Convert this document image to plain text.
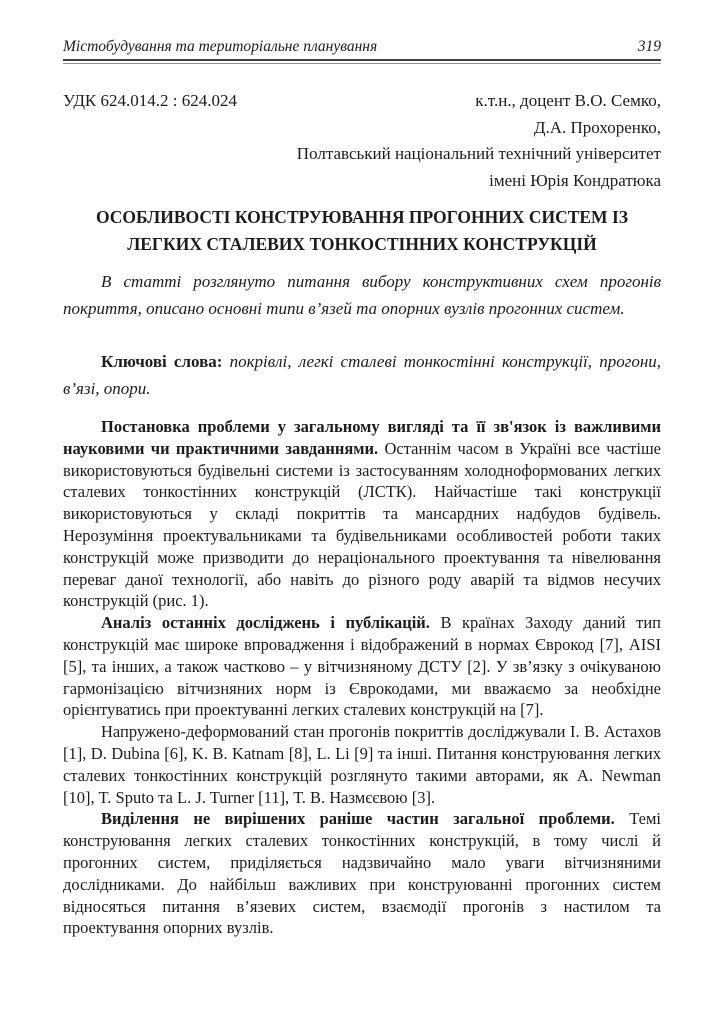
Містобудування та територіальне планування	319
УДК 624.014.2 : 624.024	к.т.н., доцент В.О. Семко,
Д.А. Прохоренко,
Полтавський національний технічний університет
імені Юрія Кондратюка
ОСОБЛИВОСТІ КОНСТРУЮВАННЯ ПРОГОННИХ СИСТЕМ ІЗ
ЛЕГКИХ СТАЛЕВИХ ТОНКОСТІННИХ КОНСТРУКЦІЙ

В статті розглянуто питання вибору конструктивних схем прогонів покриття, описано основні типи в’язей та опорних вузлів прогонних систем.

Ключові слова: покрівлі, легкі сталеві тонкостінні конструкції, прогони, в’язі, опори.

Постановка проблеми у загальному вигляді та її зв'язок із важливими науковими чи практичними завданнями. Останнім часом в Україні все частіше використовуються будівельні системи із застосуванням холодноформованих легких сталевих тонкостінних конструкцій (ЛСТК). Найчастіше такі конструкції використовуються у складі покриттів та мансардних надбудов будівель. Нерозуміння проектувальниками та будівельниками особливостей роботи таких конструкцій може призводити до нераціонального проектування та нівелювання переваг даної технології, або навіть до різного роду аварій та відмов несучих конструкцій (рис. 1).

Аналіз останніх досліджень і публікацій. В країнах Заходу даний тип конструкцій має широке впровадження і відображений в нормах Єврокод [7], AISI [5], та інших, а також частково – у вітчизняному ДСТУ [2]. У зв’язку з очікуваною гармонізацією вітчизняних норм із Єврокодами, ми вважаємо за необхідне орієнтуватись при проектуванні легких сталевих конструкцій на [7].

Напружено-деформований стан прогонів покриттів досліджували І. В. Астахов [1], D. Dubina [6], K. B. Katnam [8], L. Li [9] та інші. Питання конструювання легких сталевих тонкостінних конструкцій розглянуто такими авторами, як A. Newman [10], T. Sputo та L. J. Turner [11], Т. В. Назмєєвою [3].

Виділення не вирішених раніше частин загальної проблеми. Темі конструювання легких сталевих тонкостінних конструкцій, в тому числі й прогонних систем, приділяється надзвичайно мало уваги вітчизняними дослідниками. До найбільш важливих при конструюванні прогонних систем відносяться питання в’язевих систем, взаємодії прогонів з настилом та проектування опорних вузлів.
